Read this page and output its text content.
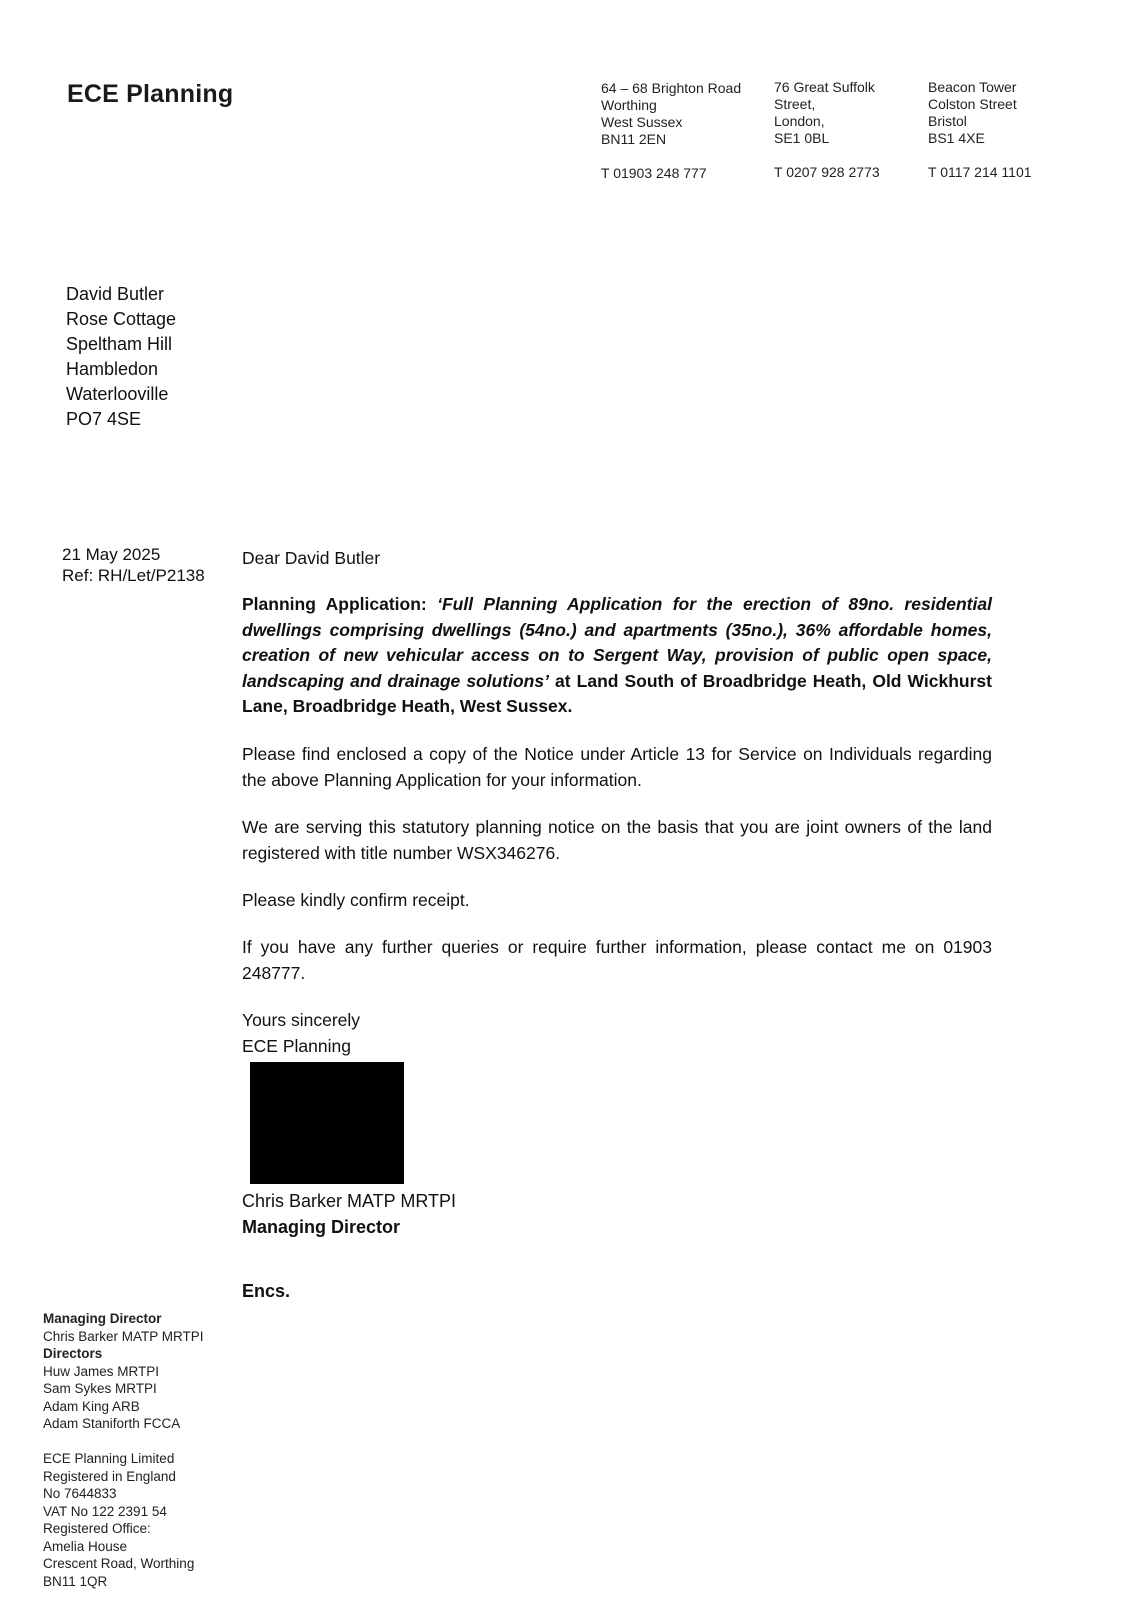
ECE Planning	64 – 68 Brighton Road
Worthing
West Sussex
BN11 2EN
T 01903 248 777
76 Great Suffolk
Street,
London,
SE1 0BL
T 0207 928 2773
Beacon Tower
Colston Street
Bristol
BS1 4XE
T 0117 214 1101
David Butler
Rose Cottage
Speltham Hill
Hambledon
Waterlooville
PO7 4SE
21 May 2025
Ref: RH/Let/P2138

Dear David Butler

Planning Application: ‘Full Planning Application for the erection of 89no. residential dwellings comprising dwellings (54no.) and apartments (35no.), 36% affordable homes, creation of new vehicular access on to Sergent Way, provision of public open space, landscaping and drainage solutions’ at Land South of Broadbridge Heath, Old Wickhurst Lane, Broadbridge Heath, West Sussex.

Please find enclosed a copy of the Notice under Article 13 for Service on Individuals regarding the above Planning Application for your information.

We are serving this statutory planning notice on the basis that you are joint owners of the land registered with title number WSX346276.

Please kindly confirm receipt.

If you have any further queries or require further information, please contact me on 01903 248777.

Yours sincerely
ECE Planning
Chris Barker MATP MRTPI
Managing Director
Encs.
Managing Director
Chris Barker MATP MRTPI
Directors
Huw James MRTPI
Sam Sykes MRTPI
Adam King ARB
Adam Staniforth FCCA
ECE Planning Limited
Registered in England
No 7644833
VAT No 122 2391 54
Registered Office:
Amelia House
Crescent Road, Worthing
BN11 1QR
